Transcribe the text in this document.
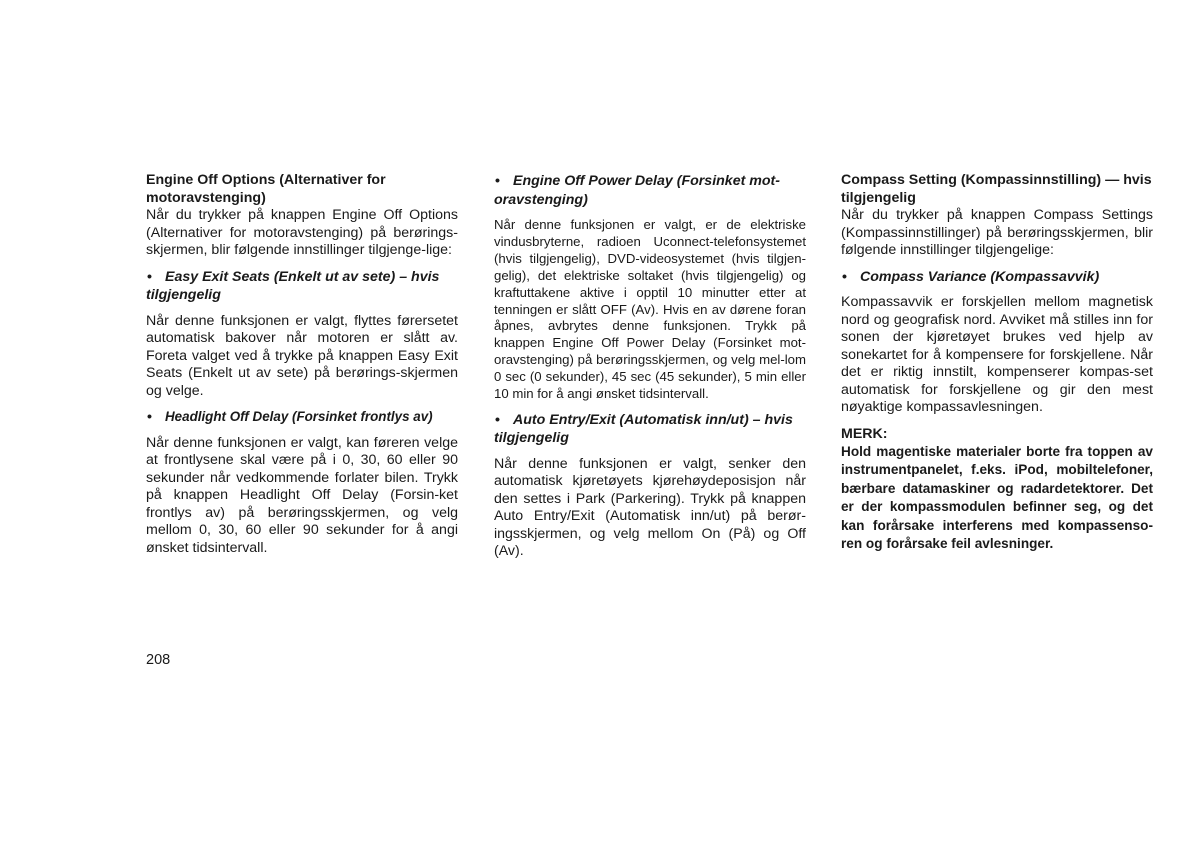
Engine Off Options (Alternativer for motoravstenging)

Når du trykker på knappen Engine Off Options (Alternativer for motoravstenging) på berørings-skjermen, blir følgende innstillinger tilgjenge-lige:

• Easy Exit Seats (Enkelt ut av sete) – hvis tilgjengelig

Når denne funksjonen er valgt, flyttes førersetet automatisk bakover når motoren er slått av. Foreta valget ved å trykke på knappen Easy Exit Seats (Enkelt ut av sete) på berørings-skjermen og velge.

• Headlight Off Delay (Forsinket frontlys av)

Når denne funksjonen er valgt, kan føreren velge at frontlysene skal være på i 0, 30, 60 eller 90 sekunder når vedkommende forlater bilen. Trykk på knappen Headlight Off Delay (Forsin-ket frontlys av) på berøringsskjermen, og velg mellom 0, 30, 60 eller 90 sekunder for å angi ønsket tidsintervall.

• Engine Off Power Delay (Forsinket mot-oravstenging)

Når denne funksjonen er valgt, er de elektriske vindusbryterne, radioen Uconnect-telefonsystemet (hvis tilgjengelig), DVD-videosystemet (hvis tilgjen-gelig), det elektriske soltaket (hvis tilgjengelig) og kraftuttakene aktive i opptil 10 minutter etter at tenningen er slått OFF (Av). Hvis en av dørene foran åpnes, avbrytes denne funksjonen. Trykk på knappen Engine Off Power Delay (Forsinket mot-oravstenging) på berøringsskjermen, og velg mel-lom 0 sec (0 sekunder), 45 sec (45 sekunder), 5 min eller 10 min for å angi ønsket tidsintervall.

• Auto Entry/Exit (Automatisk inn/ut) – hvis tilgjengelig

Når denne funksjonen er valgt, senker den automatisk kjøretøyets kjørehøydeposisjon når den settes i Park (Parkering). Trykk på knappen Auto Entry/Exit (Automatisk inn/ut) på berør-ingsskjermen, og velg mellom On (På) og Off (Av).

Compass Setting (Kompassinnstilling) — hvis tilgjengelig

Når du trykker på knappen Compass Settings (Kompassinnstillinger) på berøringsskjermen, blir følgende innstillinger tilgjengelige:

• Compass Variance (Kompassavvik)

Kompassavvik er forskjellen mellom magnetisk nord og geografisk nord. Avviket må stilles inn for sonen der kjøretøyet brukes ved hjelp av sonekartet for å kompensere for forskjellene. Når det er riktig innstilt, kompenserer kompas-set automatisk for forskjellene og gir den mest nøyaktige kompassavlesningen.

MERK:

Hold magentiske materialer borte fra toppen av instrumentpanelet, f.eks. iPod, mobiltelefoner, bærbare datamaskiner og radardetektorer. Det er der kompassmodulen befinner seg, og det kan forårsake interferens med kompassenso-ren og forårsake feil avlesninger.

208
